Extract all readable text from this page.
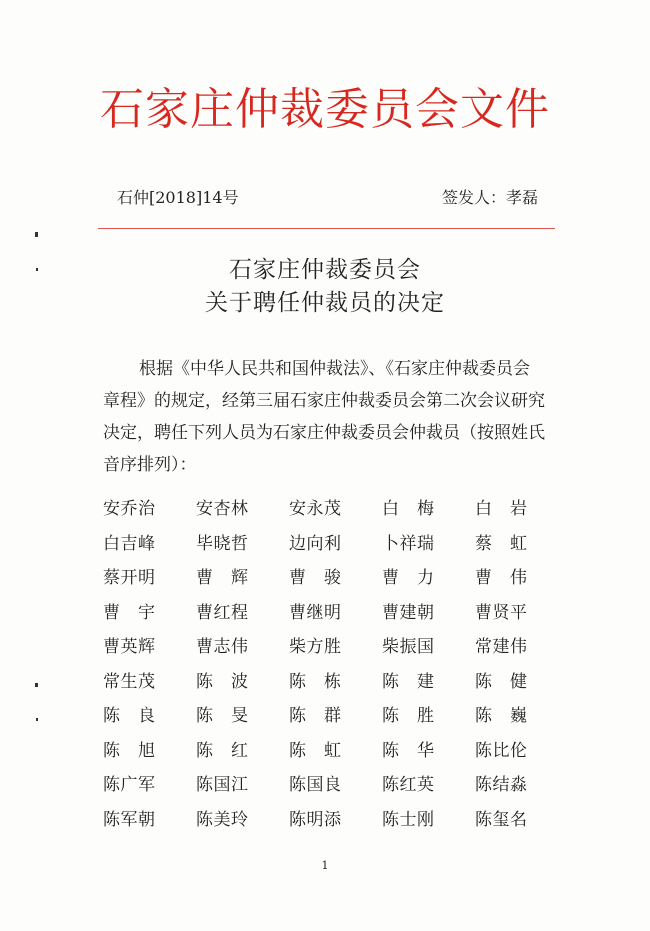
石家庄仲裁委员会文件
石仲[2018]14号	签发人：孝磊
石家庄仲裁委员会
关于聘任仲裁员的决定
根据《中华人民共和国仲裁法》、《石家庄仲裁委员会
章程》的规定，经第三届石家庄仲裁委员会第二次会议研究
决定，聘任下列人员为石家庄仲裁委员会仲裁员（按照姓氏
音序排列）：
安乔治	安杏林	安永茂	白　梅	白　岩
白吉峰	毕晓哲	边向利	卜祥瑞	蔡　虹
蔡开明	曹　辉	曹　骏	曹　力	曹　伟
曹　宇	曹红程	曹继明	曹建朝	曹贤平
曹英辉	曹志伟	柴方胜	柴振国	常建伟
常生茂	陈　波	陈　栋	陈　建	陈　健
陈　良	陈　旻	陈　群	陈　胜	陈　巍
陈　旭	陈　红	陈　虹	陈　华	陈比伦
陈广军	陈国江	陈国良	陈红英	陈结淼
陈军朝	陈美玲	陈明添	陈士刚	陈玺名
1
